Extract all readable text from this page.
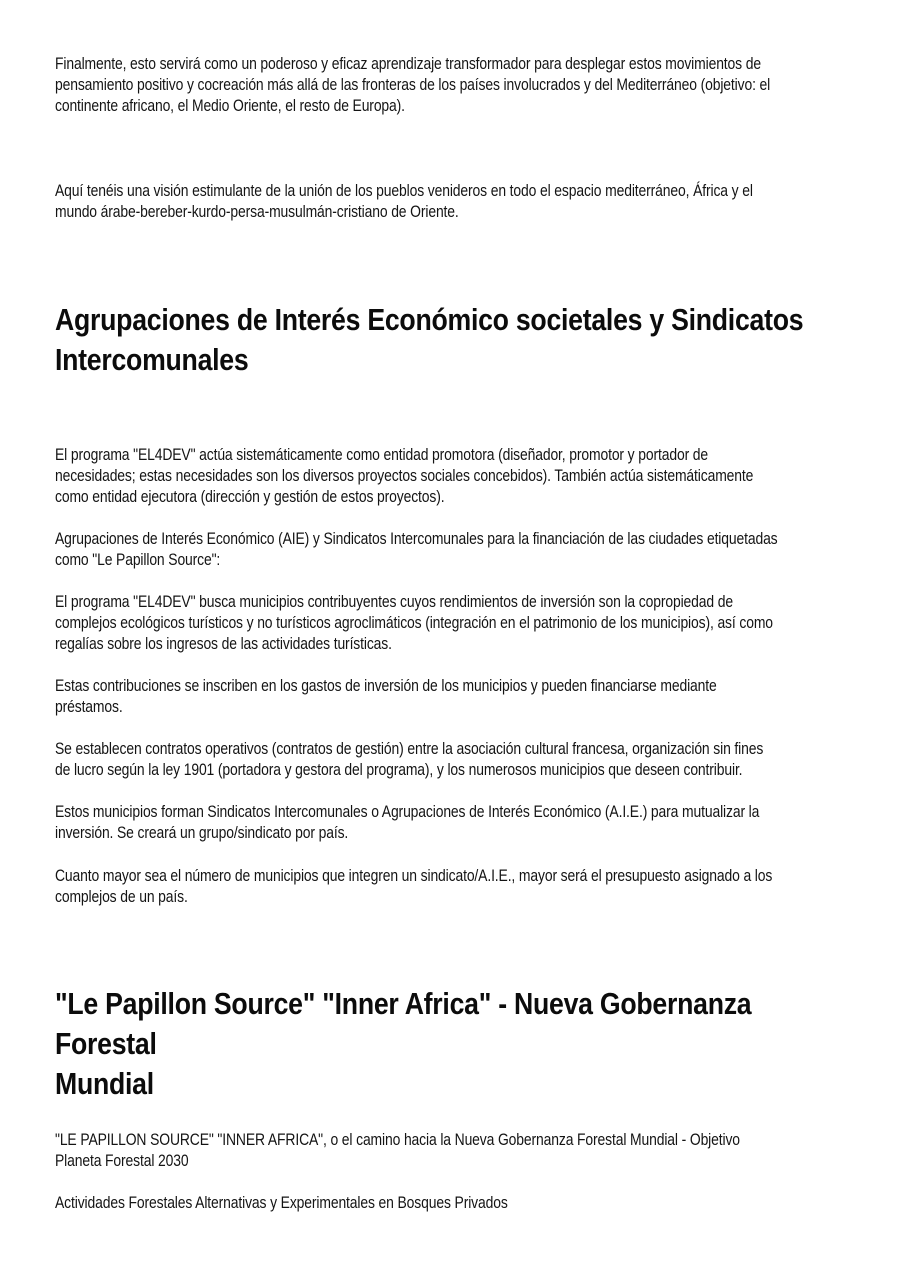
Finalmente, esto servirá como un poderoso y eficaz aprendizaje transformador para desplegar estos movimientos de
pensamiento positivo y cocreación más allá de las fronteras de los países involucrados y del Mediterráneo (objetivo: el
continente africano, el Medio Oriente, el resto de Europa).

Aquí tenéis una visión estimulante de la unión de los pueblos venideros en todo el espacio mediterráneo, África y el
mundo árabe-bereber-kurdo-persa-musulmán-cristiano de Oriente.

Agrupaciones de Interés Económico societales y Sindicatos
Intercomunales

El programa "EL4DEV" actúa sistemáticamente como entidad promotora (diseñador, promotor y portador de
necesidades; estas necesidades son los diversos proyectos sociales concebidos). También actúa sistemáticamente
como entidad ejecutora (dirección y gestión de estos proyectos).

Agrupaciones de Interés Económico (AIE) y Sindicatos Intercomunales para la financiación de las ciudades etiquetadas
como "Le Papillon Source":

El programa "EL4DEV" busca municipios contribuyentes cuyos rendimientos de inversión son la copropiedad de
complejos ecológicos turísticos y no turísticos agroclimáticos (integración en el patrimonio de los municipios), así como
regalías sobre los ingresos de las actividades turísticas.

Estas contribuciones se inscriben en los gastos de inversión de los municipios y pueden financiarse mediante
préstamos.

Se establecen contratos operativos (contratos de gestión) entre la asociación cultural francesa, organización sin fines
de lucro según la ley 1901 (portadora y gestora del programa), y los numerosos municipios que deseen contribuir.

Estos municipios forman Sindicatos Intercomunales o Agrupaciones de Interés Económico (A.I.E.) para mutualizar la
inversión. Se creará un grupo/sindicato por país.

Cuanto mayor sea el número de municipios que integren un sindicato/A.I.E., mayor será el presupuesto asignado a los
complejos de un país.

"Le Papillon Source" "Inner Africa" - Nueva Gobernanza Forestal
Mundial

"LE PAPILLON SOURCE" "INNER AFRICA", o el camino hacia la Nueva Gobernanza Forestal Mundial - Objetivo
Planeta Forestal 2030

Actividades Forestales Alternativas y Experimentales en Bosques Privados
